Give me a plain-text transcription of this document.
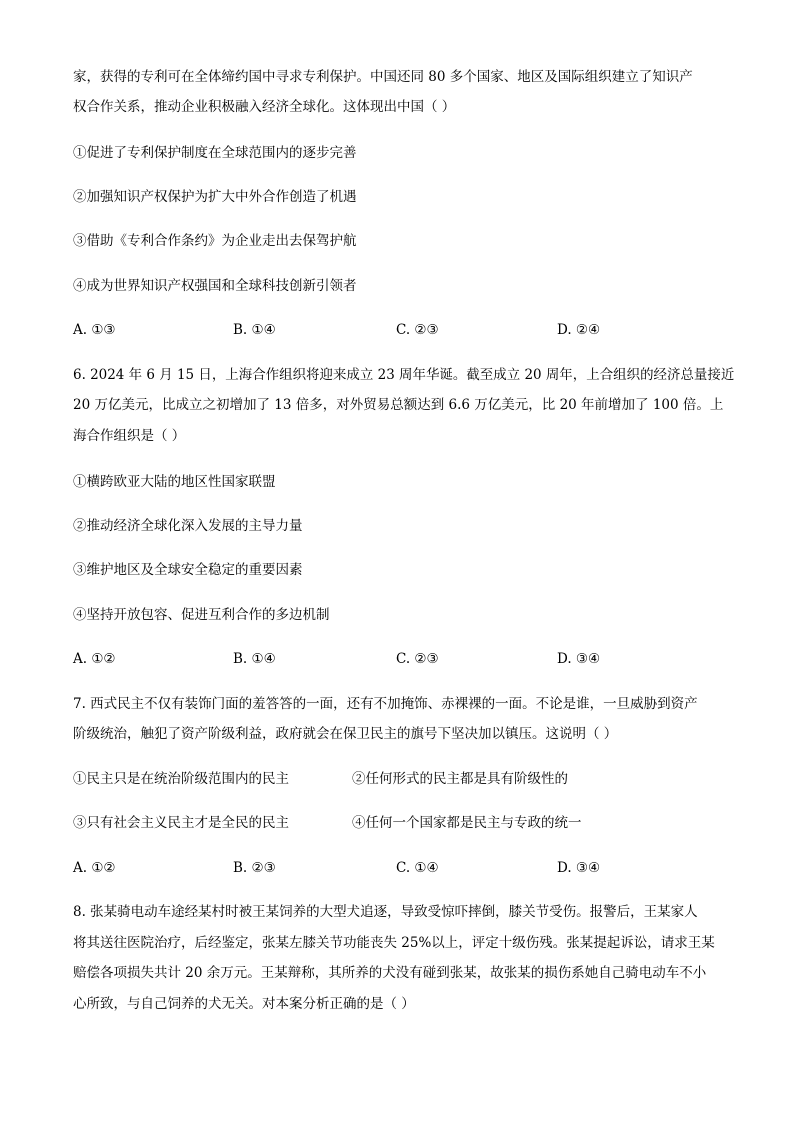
家，获得的专利可在全体缔约国中寻求专利保护。中国还同 80 多个国家、地区及国际组织建立了知识产
权合作关系，推动企业积极融入经济全球化。这体现出中国（ ）
①促进了专利保护制度在全球范围内的逐步完善
②加强知识产权保护为扩大中外合作创造了机遇
③借助《专利合作条约》为企业走出去保驾护航
④成为世界知识产权强国和全球科技创新引领者
A. ①③	B. ①④	C. ②③	D. ②④
6. 2024 年 6 月 15 日，上海合作组织将迎来成立 23 周年华诞。截至成立 20 周年，上合组织的经济总量接近
20 万亿美元，比成立之初增加了 13 倍多，对外贸易总额达到 6.6 万亿美元，比 20 年前增加了 100 倍。上
海合作组织是（ ）
①横跨欧亚大陆的地区性国家联盟
②推动经济全球化深入发展的主导力量
③维护地区及全球安全稳定的重要因素
④坚持开放包容、促进互利合作的多边机制
A. ①②	B. ①④	C. ②③	D. ③④
7. 西式民主不仅有装饰门面的羞答答的一面，还有不加掩饰、赤裸裸的一面。不论是谁，一旦威胁到资产
阶级统治，触犯了资产阶级利益，政府就会在保卫民主的旗号下坚决加以镇压。这说明（ ）
①民主只是在统治阶级范围内的民主	②任何形式的民主都是具有阶级性的
③只有社会主义民主才是全民的民主	④任何一个国家都是民主与专政的统一
A. ①②	B. ②③	C. ①④	D. ③④
8. 张某骑电动车途经某村时被王某饲养的大型犬追逐，导致受惊吓摔倒，膝关节受伤。报警后，王某家人
将其送往医院治疗，后经鉴定，张某左膝关节功能丧失 25%以上，评定十级伤残。张某提起诉讼，请求王某
赔偿各项损失共计 20 余万元。王某辩称，其所养的犬没有碰到张某，故张某的损伤系她自己骑电动车不小
心所致，与自己饲养的犬无关。对本案分析正确的是（ ）
